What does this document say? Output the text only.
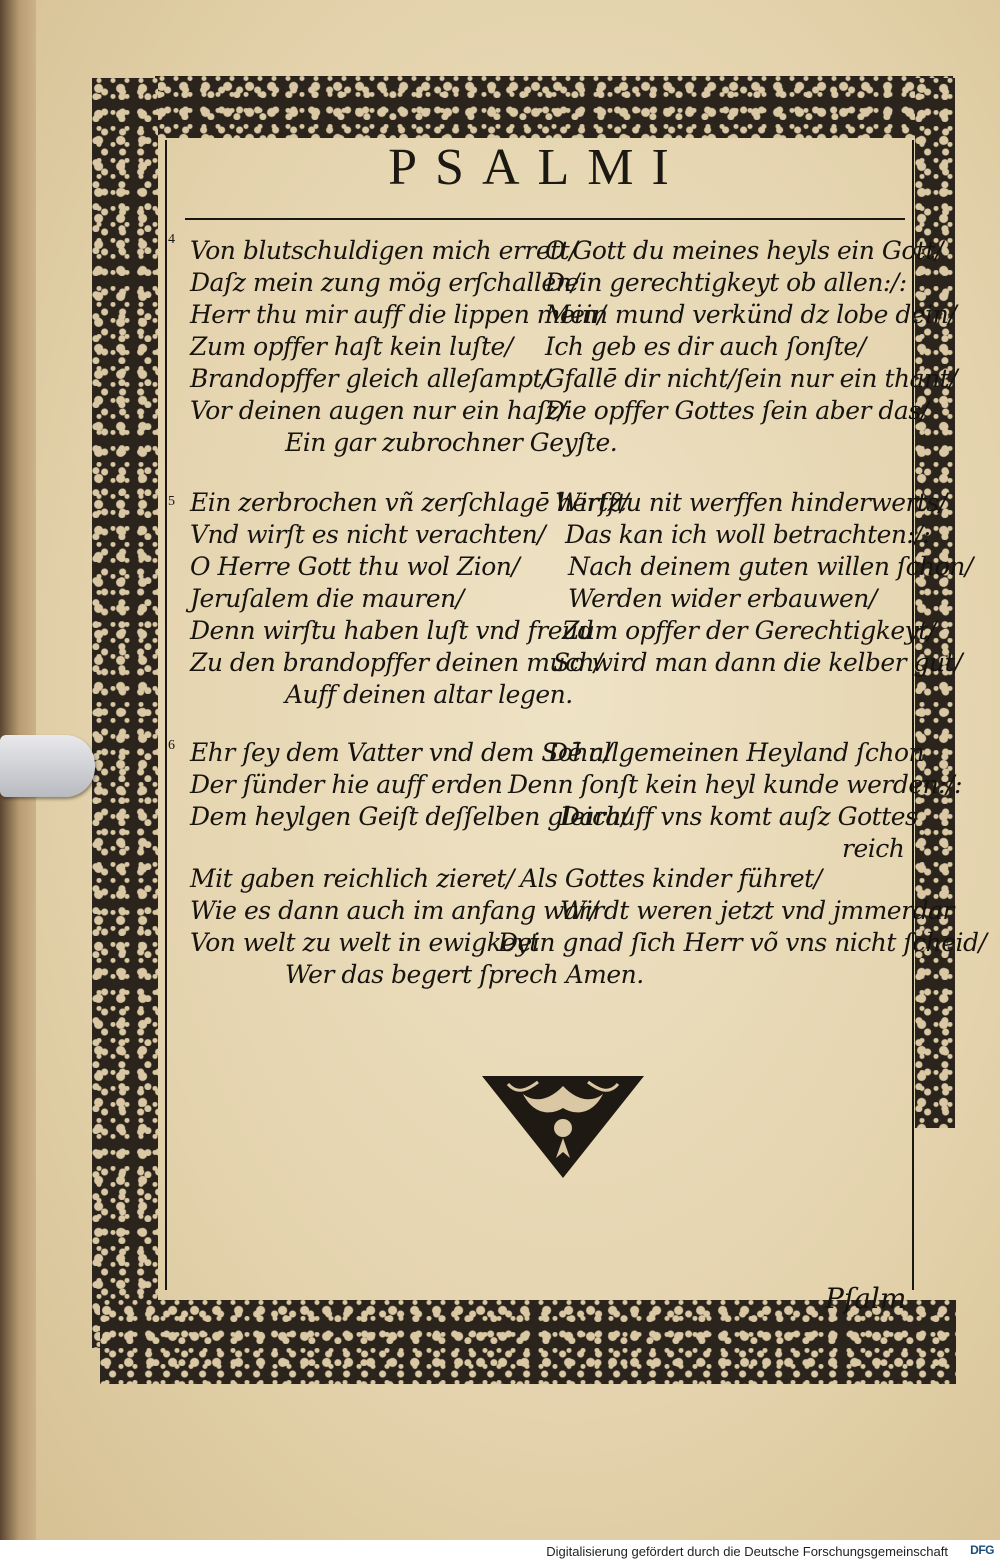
PSALMI
4 Von blutschuldigen mich errett/
O Gott du meines heyls ein Gott/
Daſz mein zung mög erſchallen/
Dein gerechtigkeyt ob allen:/:
Herr thu mir auff die lippen mein/
Mein mund verkünd dz lobe dein/
Zum opffer haſt kein luſte/ Ich geb es dir auch ſonſte/
Brandopffer gleich alleſampt/
Gfallē dir nicht/ſein nur ein thant/
Vor deinen augen nur ein haſz/
Die opffer Gottes ſein aber das/
Ein gar zubrochner Geyſte.
5 Ein zerbrochen vñ zerſchlagē hertz/
Wirſſtu nit werffen hinderwerts/
Vnd wirſt es nicht verachten/ Das kan ich woll betrachten:/:
O Herre Gott thu wol Zion/ Nach deinem guten willen ſchon/
Jeruſalem die mauren/	Werden wider erbauwen/
Denn wirſtu haben luſt vnd freud
Zum opffer der Gerechtigkeyt/
Zu den brandopffer deinen much/
So wird man dann die kelber gut/
Auff deinen altar legen.
6 Ehr ſey dem Vatter vnd dem Sohn/
Dē allgemeinen Heyland ſchon
Der ſünder hie auff erden Denn ſonſt kein heyl kunde werden:/:
Dem heylgen Geiſt deſſelben gleich/
Darauff vns komt auſz Gottes
reich
Mit gaben reichlich zieret/ Als Gottes kinder führet/
Wie es dann auch im anfang war/
Wirdt weren jetzt vnd jmmerdar
Von welt zu welt in ewigkeyt
Dein gnad ſich Herr võ vns nicht ſcheid/
Wer das begert ſprech Amen.
Pſalm
Digitalisierung gefördert durch die Deutsche Forschungsgemeinschaft DFG
